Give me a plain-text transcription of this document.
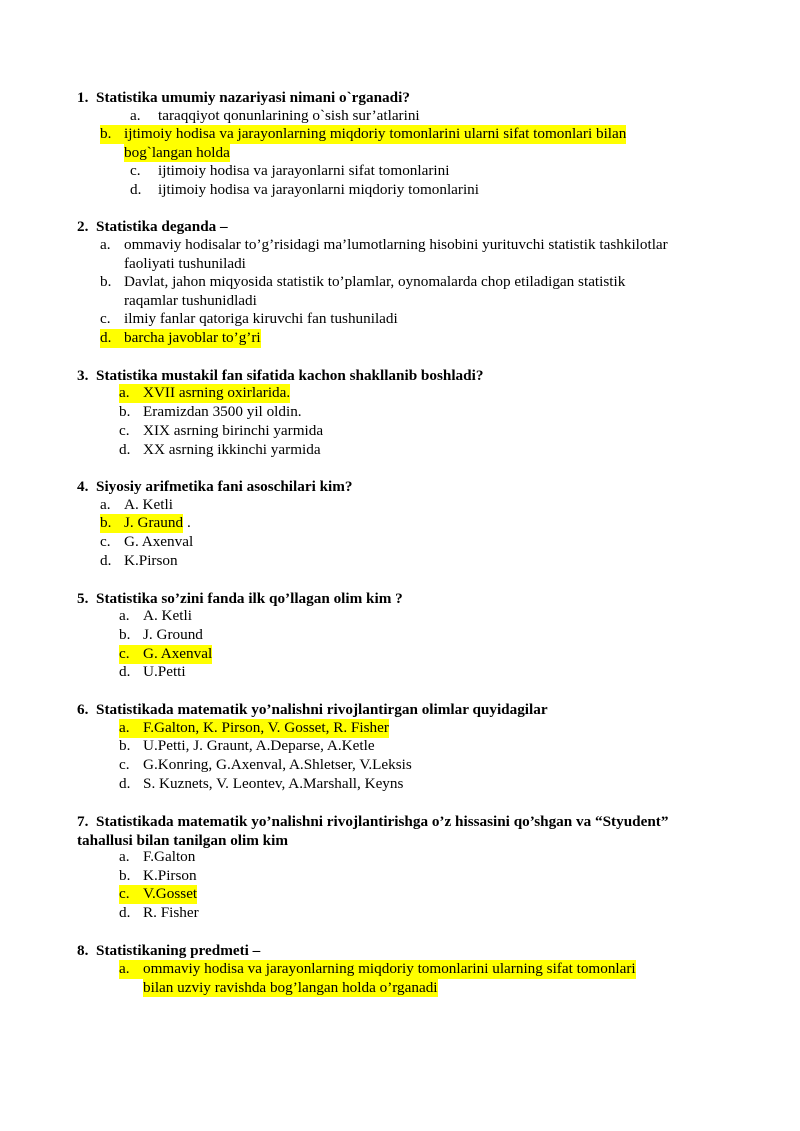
1. Statistika umumiy nazariyasi nimani o`rganadi?
a. taraqqiyot qonunlarining o`sish sur’atlarini
b. ijtimoiy hodisa va jarayonlarning miqdoriy tomonlarini ularni sifat tomonlari bilan
bog`langan holda
c. ijtimoiy hodisa va jarayonlarni sifat tomonlarini
d. ijtimoiy hodisa va jarayonlarni miqdoriy tomonlarini
2. Statistika deganda –
a. ommaviy hodisalar to’g’risidagi ma’lumotlarning hisobini yurituvchi statistik tashkilotlar
faoliyati tushuniladi
b. Davlat, jahon miqyosida statistik to’plamlar, oynomalarda chop etiladigan statistik
raqamlar tushunidladi
c. ilmiy fanlar qatoriga kiruvchi fan tushuniladi
d. barcha javoblar to’g’ri
3. Statistika mustakil fan sifatida kachon shakllanib boshladi?
a. XVII asrning oxirlarida.
b. Eramizdan 3500 yil oldin.
c. XIX asrning birinchi yarmida
d. XX asrning ikkinchi yarmida
4. Siyosiy arifmetika fani asoschilari kim?
a. A. Ketli
b. J. Graund .
c. G. Axenval
d. K.Pirson
5. Statistika so’zini fanda ilk qo’llagan olim kim ?
a. A. Ketli
b. J. Ground
c. G. Axenval
d. U.Petti
6. Statistikada matematik yo’nalishni rivojlantirgan olimlar quyidagilar
a. F.Galton, K. Pirson, V. Gosset, R. Fisher
b. U.Petti, J. Graunt, A.Deparse, A.Ketle
c. G.Konring, G.Axenval, A.Shletser, V.Leksis
d. S. Kuznets, V. Leontev, A.Marshall, Keyns
7. Statistikada matematik yo’nalishni rivojlantirishga o’z hissasini qo’shgan va “Styudent”
tahallusi bilan tanilgan olim kim
a. F.Galton
b. K.Pirson
c. V.Gosset
d. R. Fisher
8. Statistikaning predmeti –
a. ommaviy hodisa va jarayonlarning miqdoriy tomonlarini ularning sifat tomonlari
bilan uzviy ravishda bog’langan holda o’rganadi
